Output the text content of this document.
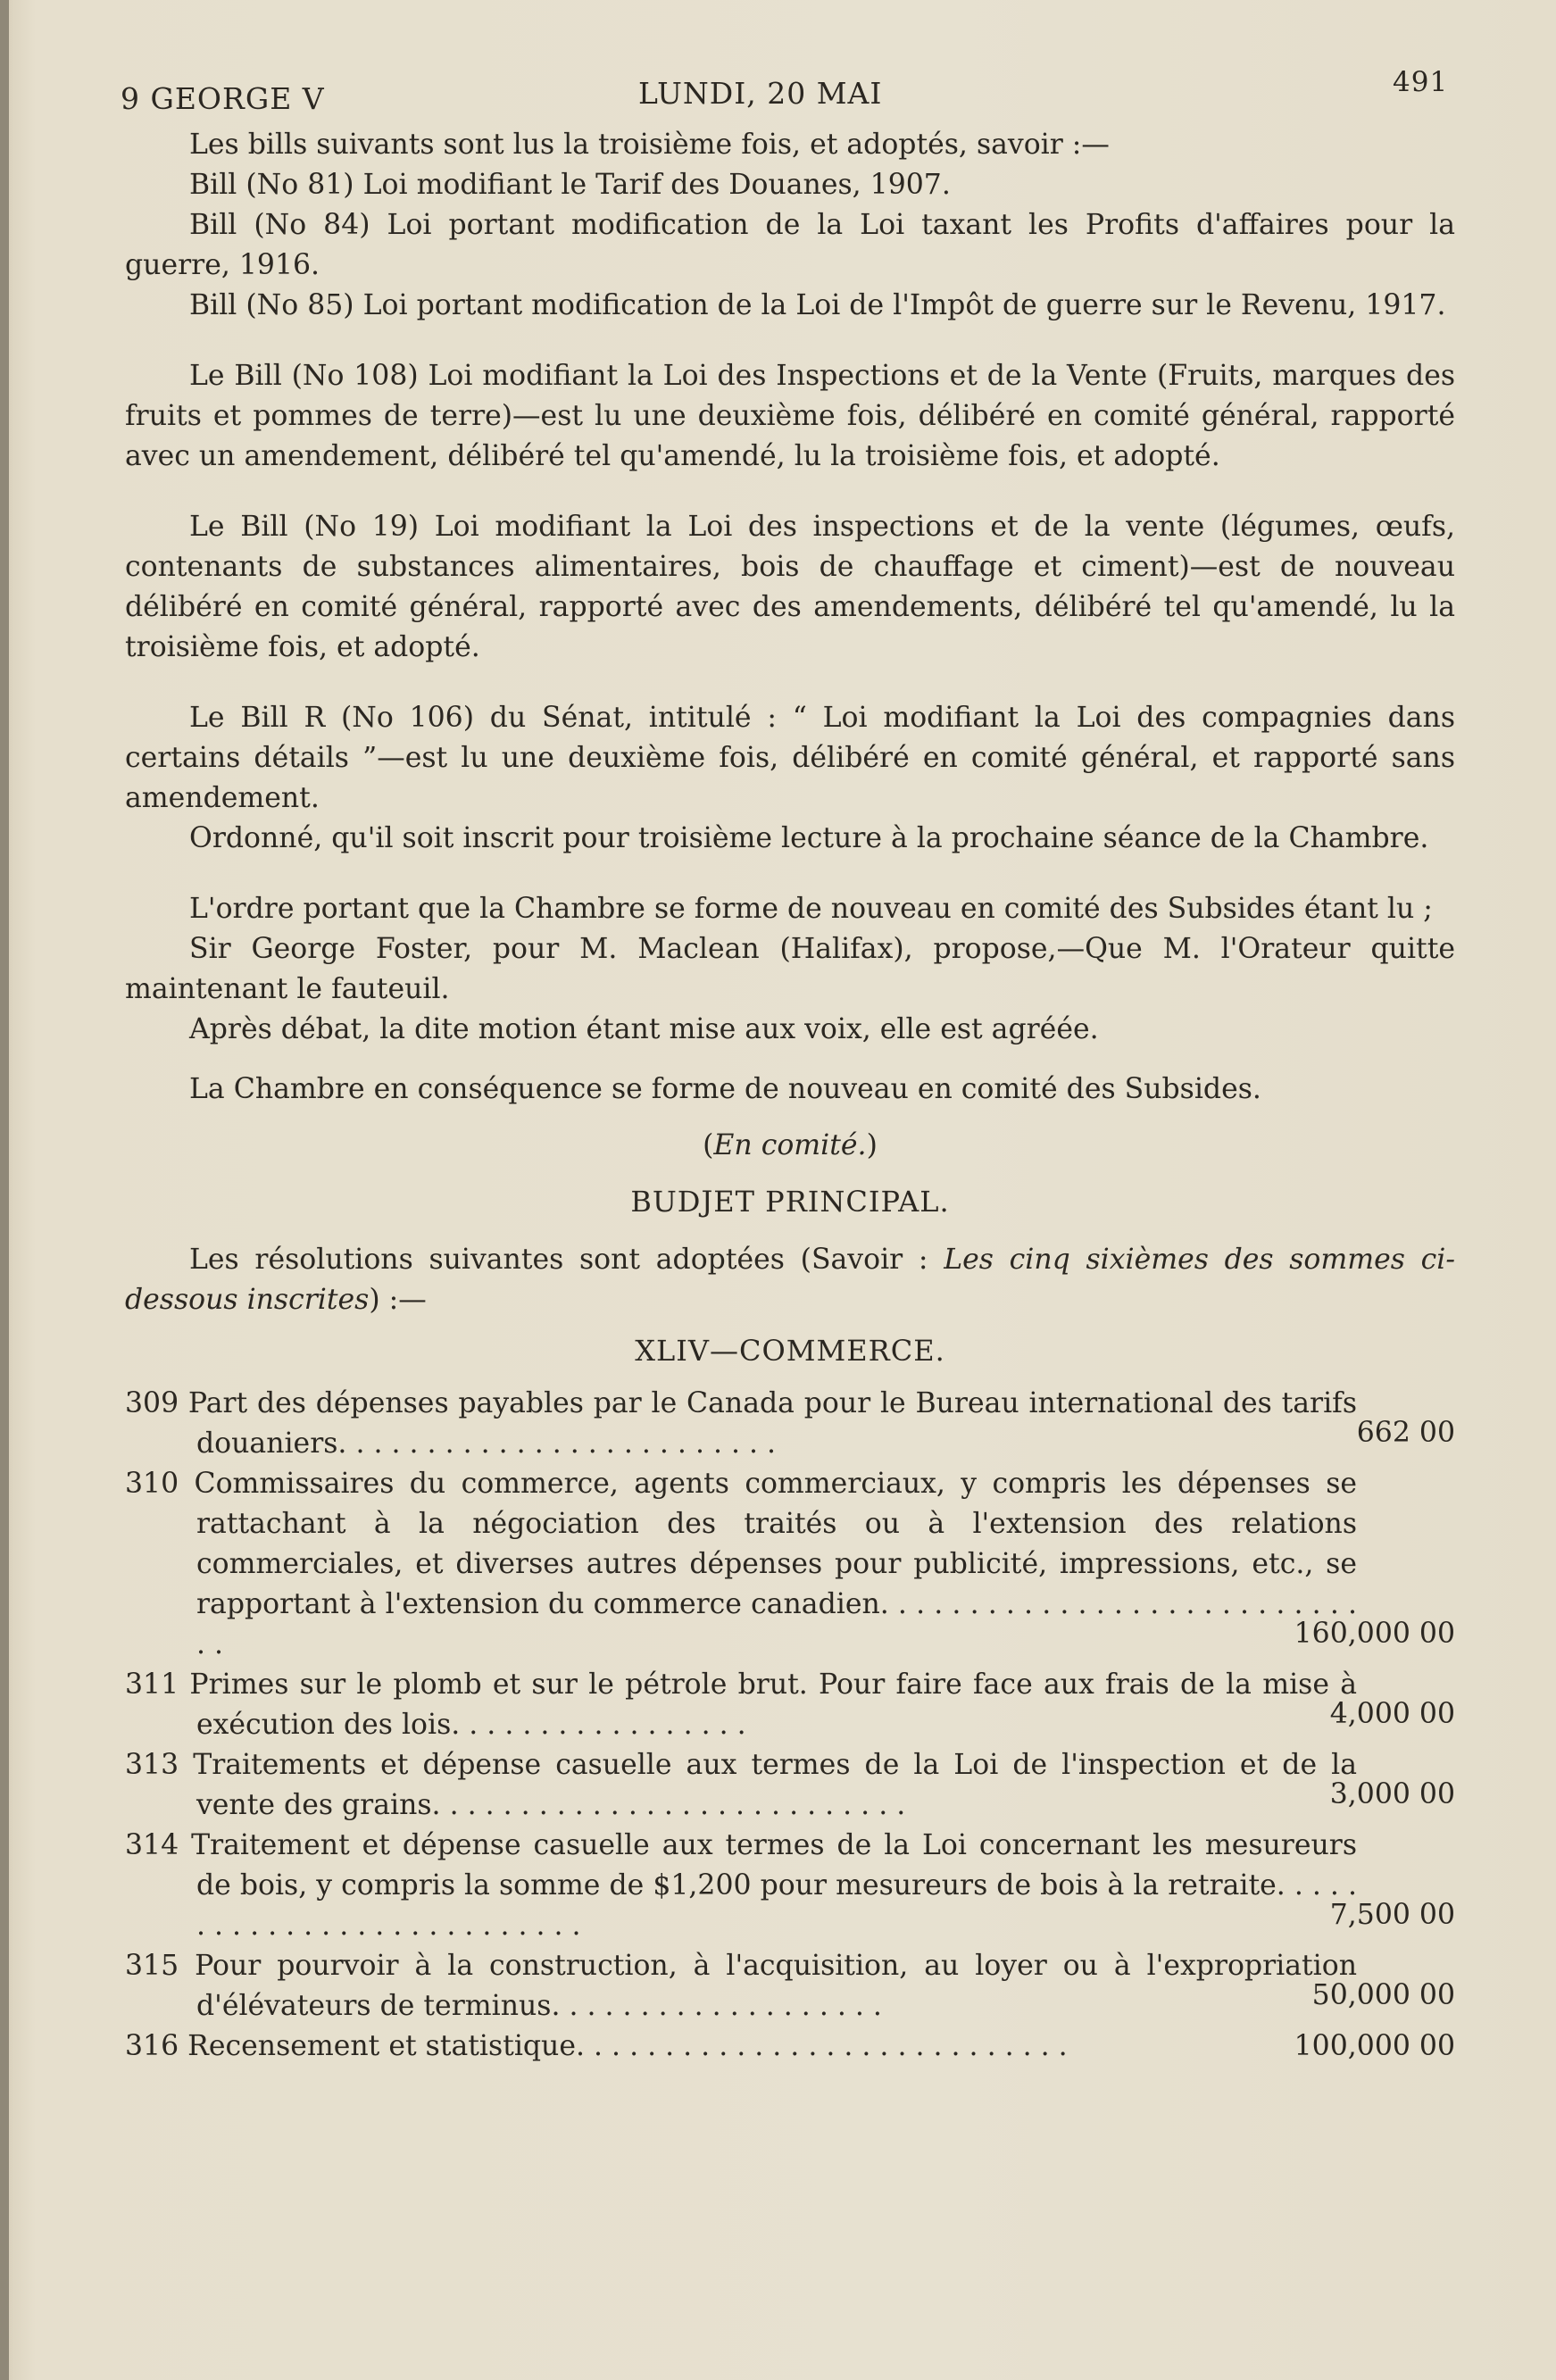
9 GEORGE V	LUNDI, 20 MAI	491

Les bills suivants sont lus la troisième fois, et adoptés, savoir :—

Bill (No 81) Loi modifiant le Tarif des Douanes, 1907.

Bill (No 84) Loi portant modification de la Loi taxant les Profits d'affaires pour la guerre, 1916.

Bill (No 85) Loi portant modification de la Loi de l'Impôt de guerre sur le Revenu, 1917.

Le Bill (No 108) Loi modifiant la Loi des Inspections et de la Vente (Fruits, marques des fruits et pommes de terre)—est lu une deuxième fois, délibéré en comité général, rapporté avec un amendement, délibéré tel qu'amendé, lu la troisième fois, et adopté.

Le Bill (No 19) Loi modifiant la Loi des inspections et de la vente (légumes, œufs, contenants de substances alimentaires, bois de chauffage et ciment)—est de nouveau délibéré en comité général, rapporté avec des amendements, délibéré tel qu'amendé, lu la troisième fois, et adopté.

Le Bill R (No 106) du Sénat, intitulé : “ Loi modifiant la Loi des compagnies dans certains détails ”—est lu une deuxième fois, délibéré en comité général, et rapporté sans amendement.

Ordonné, qu'il soit inscrit pour troisième lecture à la prochaine séance de la Chambre.

L'ordre portant que la Chambre se forme de nouveau en comité des Subsides étant lu ;

Sir George Foster, pour M. Maclean (Halifax), propose,—Que M. l'Orateur quitte maintenant le fauteuil.

Après débat, la dite motion étant mise aux voix, elle est agréée.

La Chambre en conséquence se forme de nouveau en comité des Subsides.

(En comité.)
BUDJET PRINCIPAL.

Les résolutions suivantes sont adoptées (Savoir : Les cinq sixièmes des sommes ci-dessous inscrites) :—

XLIV—COMMERCE.
309 Part des dépenses payables par le Canada pour le Bureau international des tarifs douaniers. . . . . . . . . . . . . . . . . . . . . . . . .	662 00
310 Commissaires du commerce, agents commerciaux, y compris les dépenses se rattachant à la négociation des traités ou à l'extension des relations commerciales, et diverses autres dépenses pour publicité, impressions, etc., se rapportant à l'extension du commerce canadien. . . . . . . . . . . . . . . . . . . . . . . . . . . . .	160,000 00
311 Primes sur le plomb et sur le pétrole brut. Pour faire face aux frais de la mise à exécution des lois. . . . . . . . . . . . . . . . .	4,000 00
313 Traitements et dépense casuelle aux termes de la Loi de l'inspection et de la vente des grains. . . . . . . . . . . . . . . . . . . . . . . . . . .	3,000 00
314 Traitement et dépense casuelle aux termes de la Loi concernant les mesureurs de bois, y compris la somme de $1,200 pour mesureurs de bois à la retraite. . . . . . . . . . . . . . . . . . . . . . . . . . .	7,500 00
315 Pour pourvoir à la construction, à l'acquisition, au loyer ou à l'expropriation d'élévateurs de terminus. . . . . . . . . . . . . . . . . . .	50,000 00
316 Recensement et statistique. . . . . . . . . . . . . . . . . . . . . . . . . . . .	100,000 00
